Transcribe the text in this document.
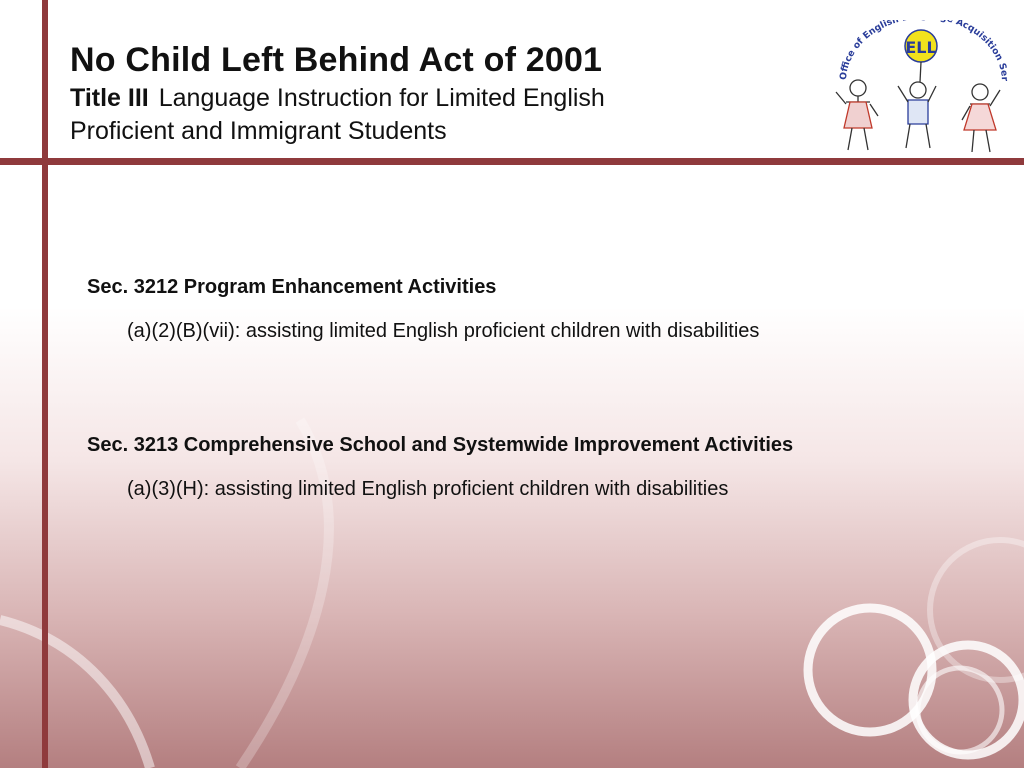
No Child Left Behind Act of 2001
Title III Language Instruction for Limited English
Proficient and Immigrant Students
Office of English Acquisition Ser
ELL
Sec. 3212 Program Enhancement Activities
(a)(2)(B)(vii): assisting limited English proficient children with disabilities
Sec. 3213 Comprehensive School and Systemwide Improvement Activities
(a)(3)(H): assisting limited English proficient children with disabilities
